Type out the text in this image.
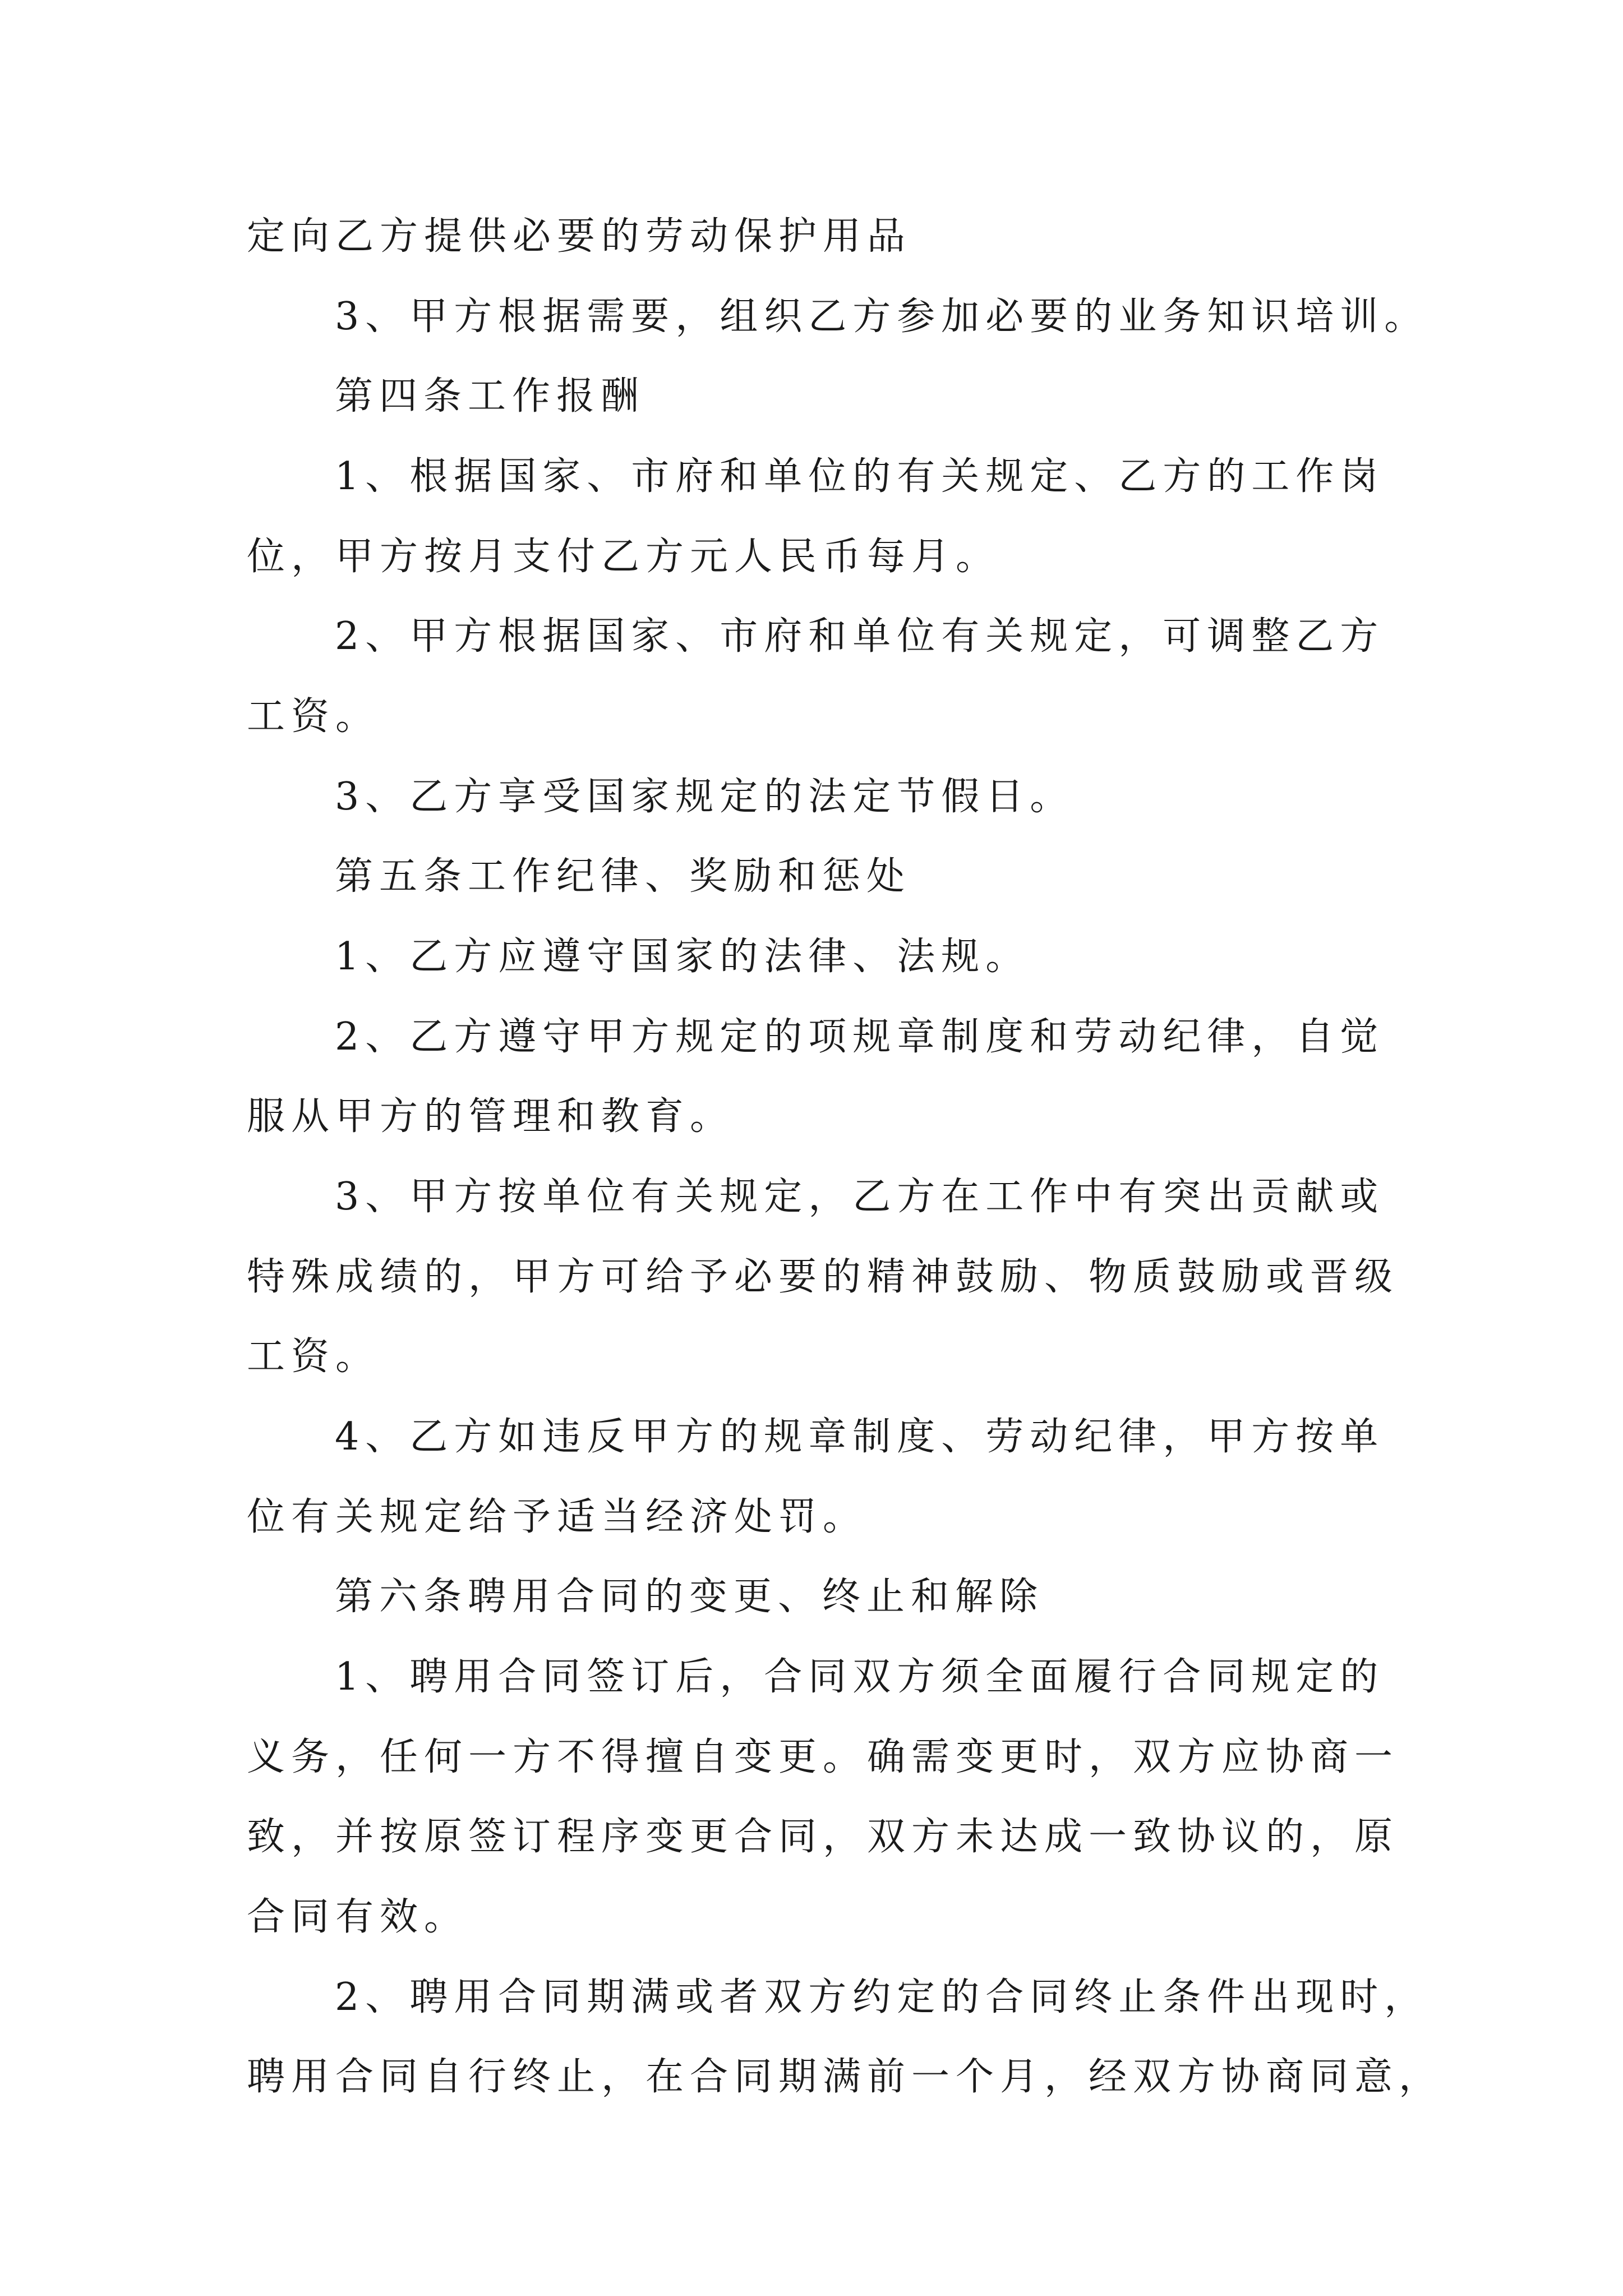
定向乙方提供必要的劳动保护用品
3、甲方根据需要，组织乙方参加必要的业务知识培训。
第四条工作报酬
1、根据国家、市府和单位的有关规定、乙方的工作岗
位，甲方按月支付乙方元人民币每月。
2、甲方根据国家、市府和单位有关规定，可调整乙方
工资。
3、乙方享受国家规定的法定节假日。
第五条工作纪律、奖励和惩处
1、乙方应遵守国家的法律、法规。
2、乙方遵守甲方规定的项规章制度和劳动纪律，自觉
服从甲方的管理和教育。
3、甲方按单位有关规定，乙方在工作中有突出贡献或
特殊成绩的，甲方可给予必要的精神鼓励、物质鼓励或晋级
工资。
4、乙方如违反甲方的规章制度、劳动纪律，甲方按单
位有关规定给予适当经济处罚。
第六条聘用合同的变更、终止和解除
1、聘用合同签订后，合同双方须全面履行合同规定的
义务，任何一方不得擅自变更。确需变更时，双方应协商一
致，并按原签订程序变更合同，双方未达成一致协议的，原
合同有效。
2、聘用合同期满或者双方约定的合同终止条件出现时，
聘用合同自行终止，在合同期满前一个月，经双方协商同意，
